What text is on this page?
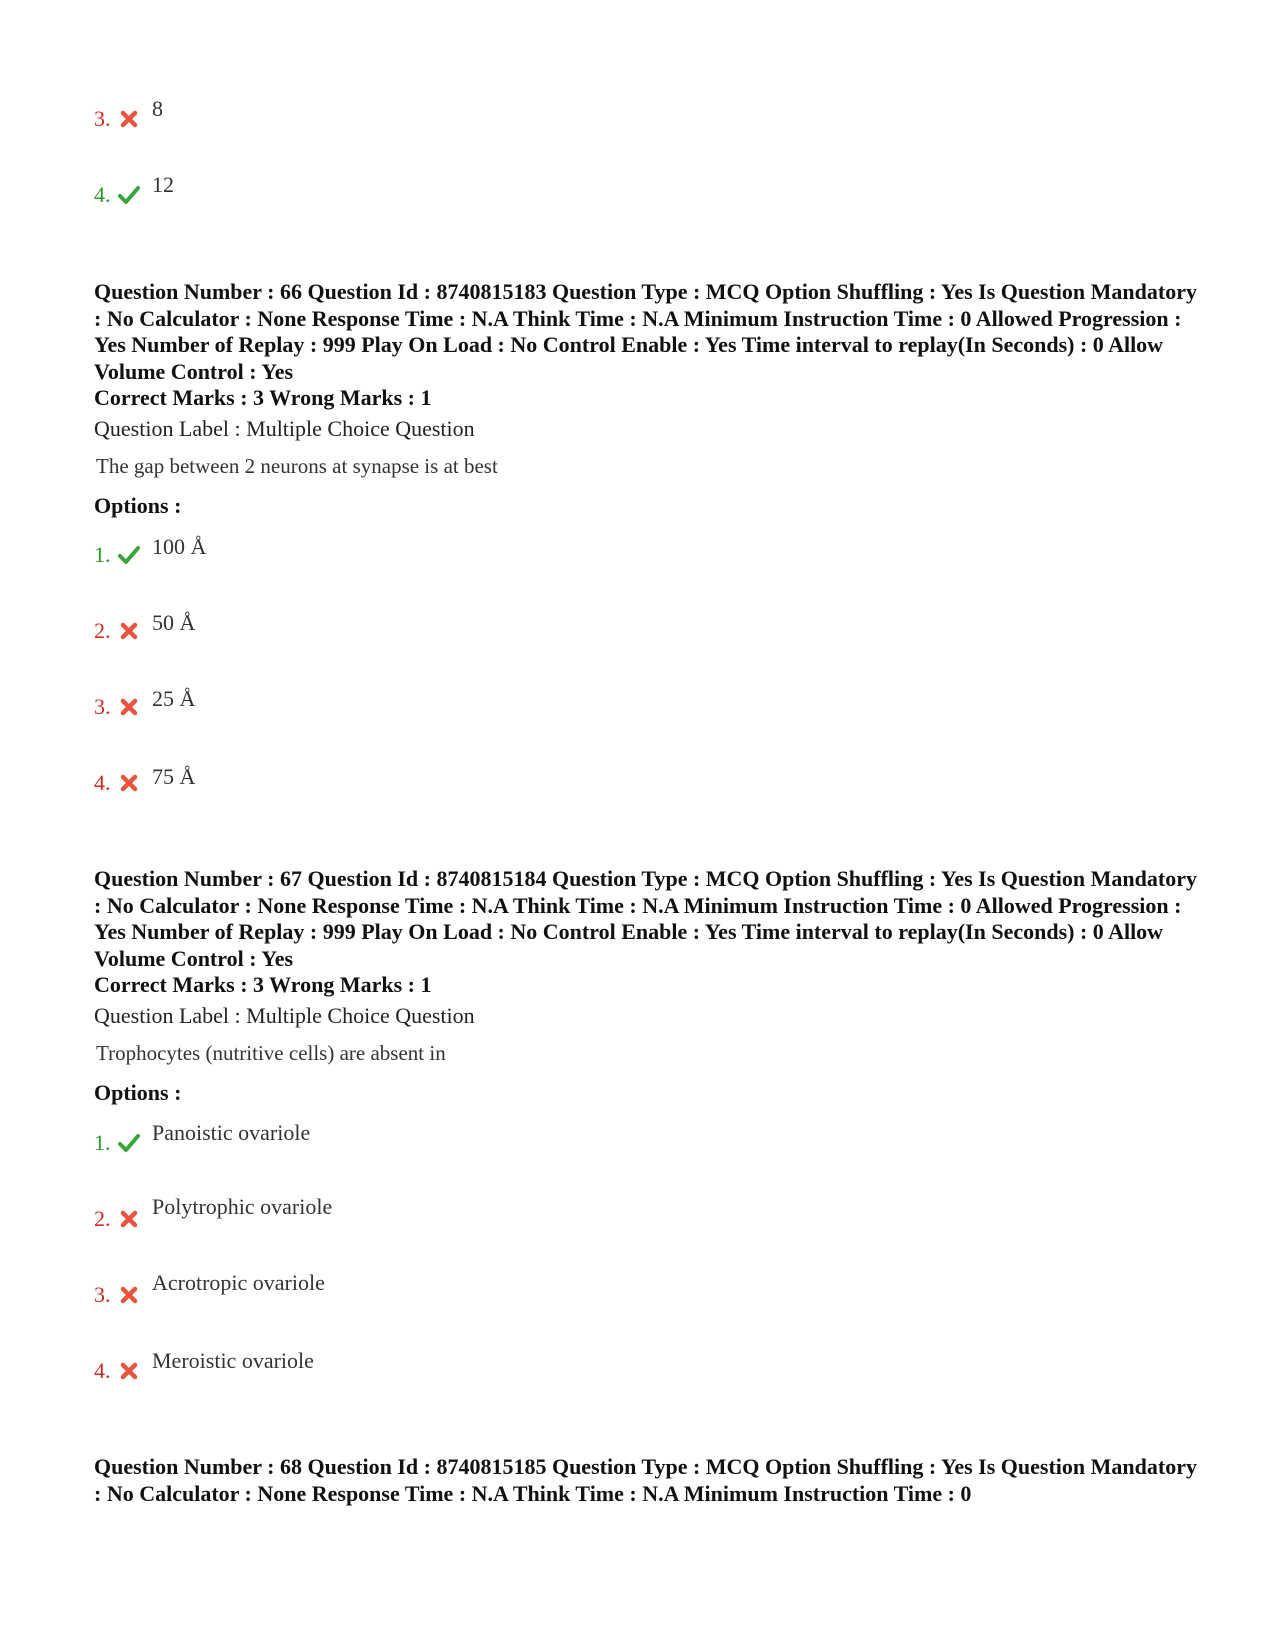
3. 8
4. 12
Question Number : 66 Question Id : 8740815183 Question Type : MCQ Option Shuffling : Yes Is Question Mandatory : No Calculator : None Response Time : N.A Think Time : N.A Minimum Instruction Time : 0 Allowed Progression : Yes Number of Replay : 999 Play On Load : No Control Enable : Yes Time interval to replay(In Seconds) : 0 Allow Volume Control : Yes
Correct Marks : 3 Wrong Marks : 1
Question Label : Multiple Choice Question
The gap between 2 neurons at synapse is at best
Options :
1. 100 Å
2. 50 Å
3. 25 Å
4. 75 Å
Question Number : 67 Question Id : 8740815184 Question Type : MCQ Option Shuffling : Yes Is Question Mandatory : No Calculator : None Response Time : N.A Think Time : N.A Minimum Instruction Time : 0 Allowed Progression : Yes Number of Replay : 999 Play On Load : No Control Enable : Yes Time interval to replay(In Seconds) : 0 Allow Volume Control : Yes
Correct Marks : 3 Wrong Marks : 1
Question Label : Multiple Choice Question
Trophocytes (nutritive cells) are absent in
Options :
1. Panoistic ovariole
2. Polytrophic ovariole
3. Acrotropic ovariole
4. Meroistic ovariole
Question Number : 68 Question Id : 8740815185 Question Type : MCQ Option Shuffling : Yes Is Question Mandatory : No Calculator : None Response Time : N.A Think Time : N.A Minimum Instruction Time : 0
